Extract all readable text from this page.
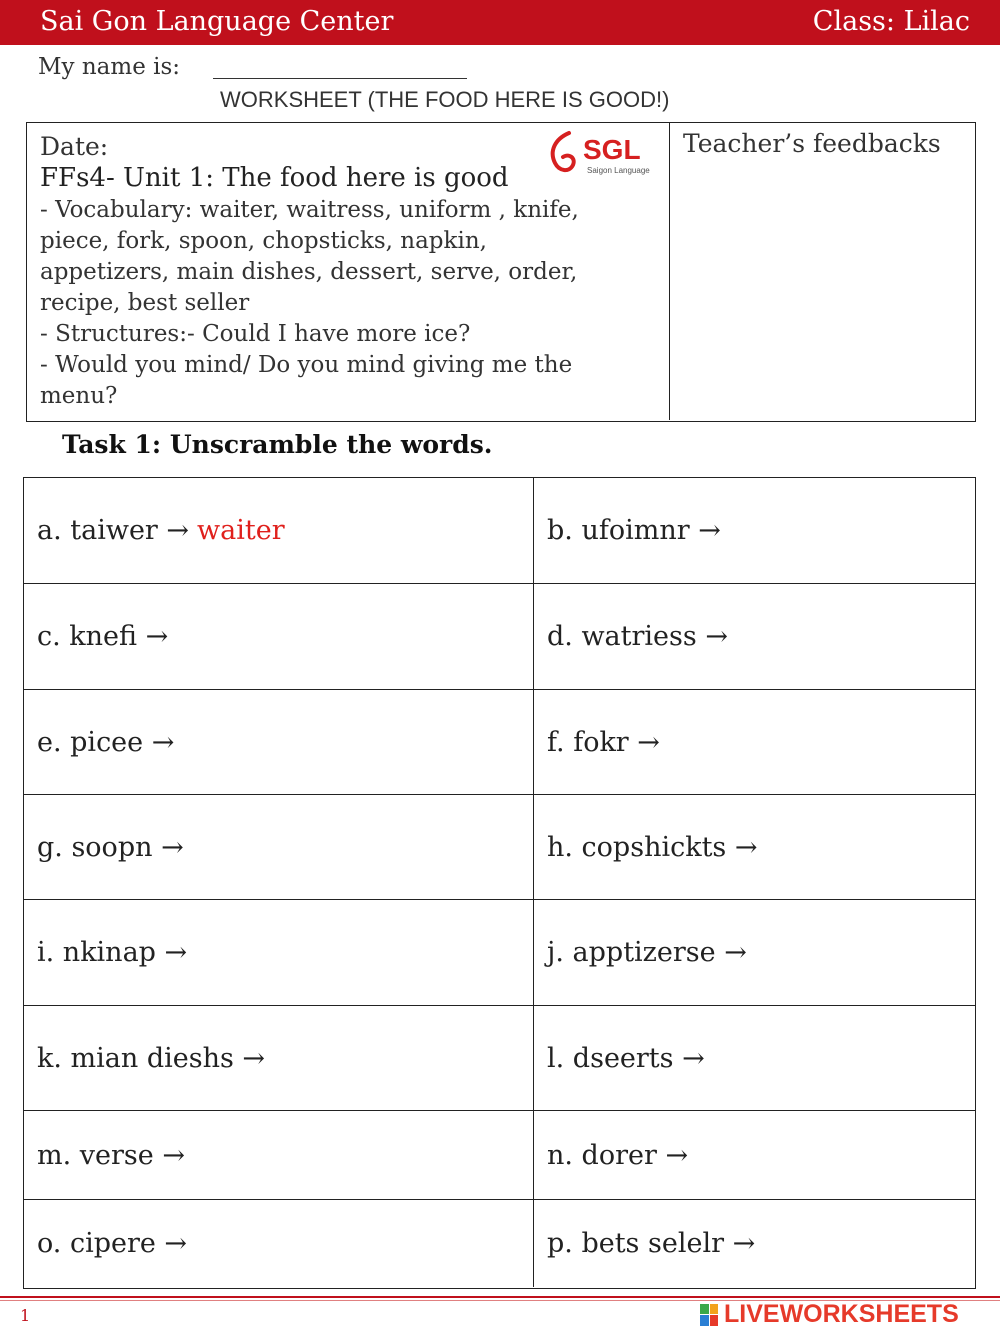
Sai Gon Language Center	Class: Lilac
My name is:
WORKSHEET (THE FOOD HERE IS GOOD!)
Date:
FFs4- Unit 1: The food here is good
- Vocabulary: waiter, waitress, uniform , knife,
piece, fork, spoon, chopsticks, napkin,
appetizers, main dishes, dessert, serve, order,
recipe, best seller
- Structures:- Could I have more ice?
- Would you mind/ Do you mind giving me the
menu?
SGL
Saigon Language
Teacher’s feedbacks
Task 1: Unscramble the words.
a. taiwer → waiter	b. ufoimnr →
c. knefi →	d. watriess →
e. picee →	f. fokr →
g. soopn →	h. copshickts →
i. nkinap →	j. apptizerse →
k. mian dieshs →	l. dseerts →
m. verse →	n. dorer →
o. cipere →	p. bets selelr →
1	LIVEWORKSHEETS
